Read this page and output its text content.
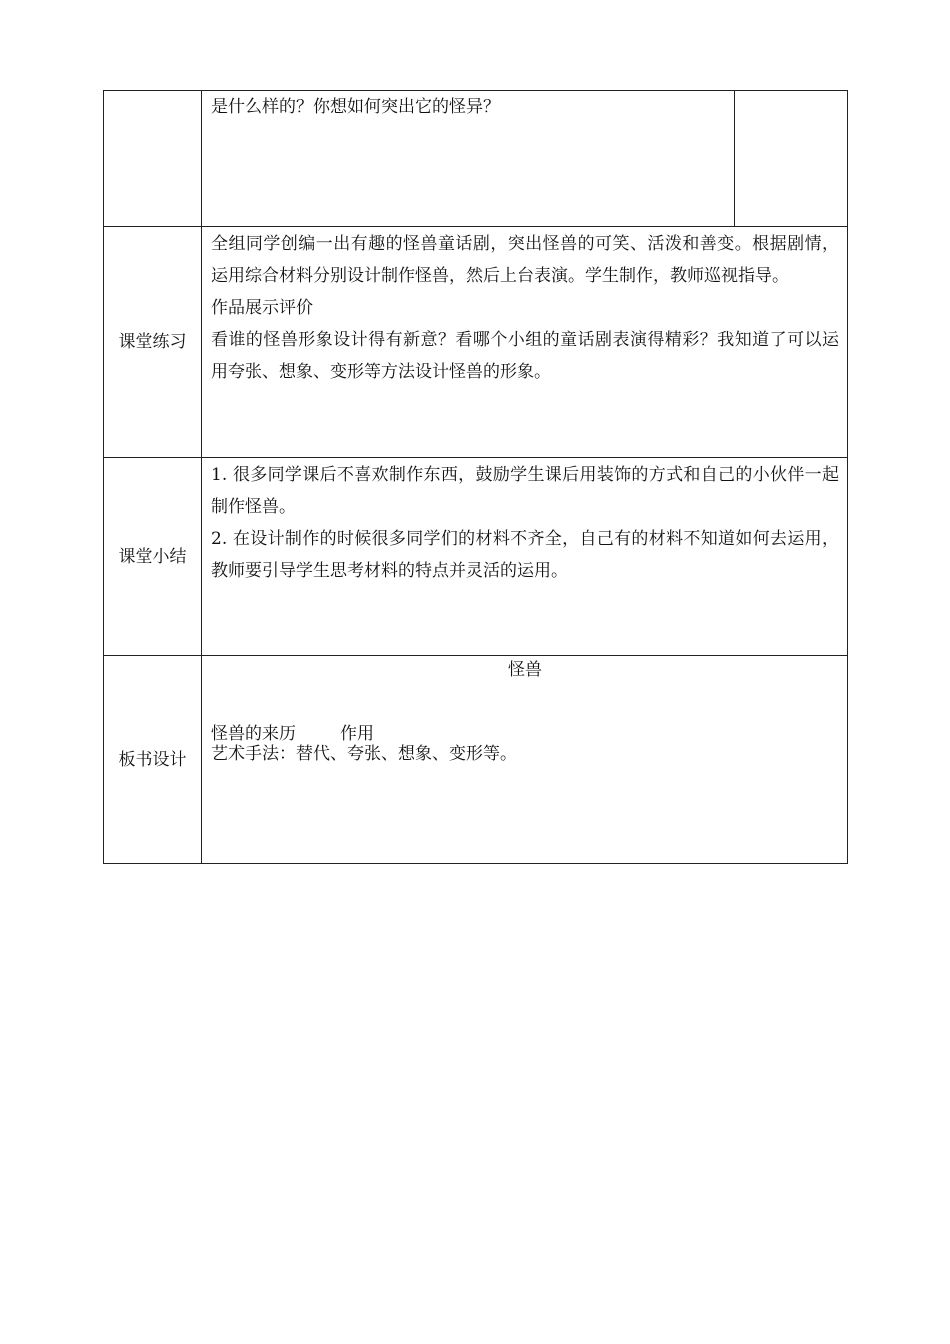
	是什么样的？你想如何突出它的怪异？

课堂练习	全组同学创编一出有趣的怪兽童话剧，突出怪兽的可笑、活泼和善变。根据剧情，运用综合材料分别设计制作怪兽，然后上台表演。学生制作，教师巡视指导。

作品展示评价

看谁的怪兽形象设计得有新意？看哪个小组的童话剧表演得精彩？我知道了可以运用夸张、想象、变形等方法设计怪兽的形象。

课堂小结	1. 很多同学课后不喜欢制作东西，鼓励学生课后用装饰的方式和自己的小伙伴一起制作怪兽。

2. 在设计制作的时候很多同学们的材料不齐全，自己有的材料不知道如何去运用，教师要引导学生思考材料的特点并灵活的运用。

板书设计	怪兽

怪兽的来历 作用

艺术手法：替代、夸张、想象、变形等。
